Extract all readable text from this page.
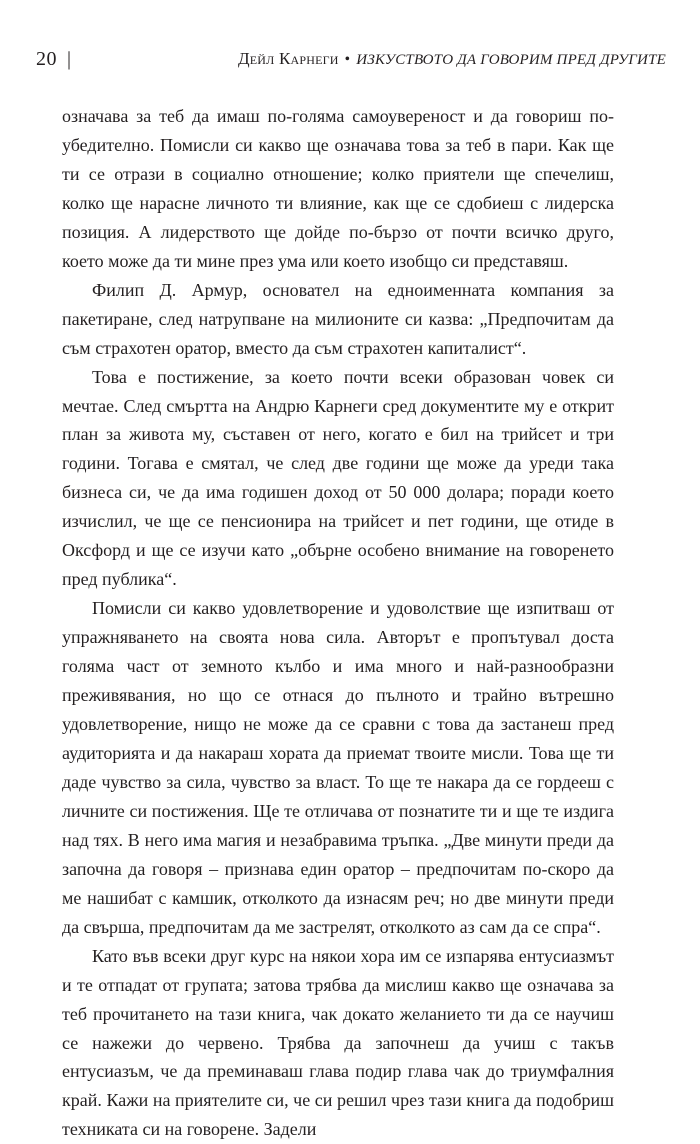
20 |	Дейл Карнеги • ИЗКУСТВОТО ДА ГОВОРИМ ПРЕД ДРУГИТЕ

означава за теб да имаш по-голяма самоувереност и да говориш по-убедително. Помисли си какво ще означава това за теб в пари. Как ще ти се отрази в социално отношение; колко приятели ще спечелиш, колко ще нарасне личното ти влияние, как ще се сдобиеш с лидерска позиция. А лидерството ще дойде по-бързо от почти всичко друго, което може да ти мине през ума или което изобщо си представяш.

Филип Д. Армур, основател на едноименната компания за пакетиране, след натрупване на милионите си казва: „Предпочитам да съм страхотен оратор, вместо да съм страхотен капиталист“.

Това е постижение, за което почти всеки образован човек си мечтае. След смъртта на Андрю Карнеги сред документите му е открит план за живота му, съставен от него, когато е бил на трийсет и три години. Тогава е смятал, че след две години ще може да уреди така бизнеса си, че да има годишен доход от 50 000 долара; поради което изчислил, че ще се пенсионира на трийсет и пет години, ще отиде в Оксфорд и ще се изучи като „обърне особено внимание на говоренето пред публика“.

Помисли си какво удовлетворение и удоволствие ще изпитваш от упражняването на своята нова сила. Авторът е пропътувал доста голяма част от земното кълбо и има много и най-разнообразни преживявания, но що се отнася до пълното и трайно вътрешно удовлетворение, нищо не може да се сравни с това да застанеш пред аудиторията и да накараш хората да приемат твоите мисли. Това ще ти даде чувство за сила, чувство за власт. То ще те накара да се гордееш с личните си постижения. Ще те отличава от познатите ти и ще те издига над тях. В него има магия и незабравима тръпка. „Две минути преди да започна да говоря – признава един оратор – предпочитам по-скоро да ме нашибат с камшик, отколкото да изнасям реч; но две минути преди да свърша, предпочитам да ме застрелят, отколкото аз сам да се спра“.

Като във всеки друг курс на някои хора им се изпарява ентусиазмът и те отпадат от групата; затова трябва да мислиш какво ще означава за теб прочитането на тази книга, чак докато желанието ти да се научиш се нажежи до червено. Трябва да започнеш да учиш с такъв ентусиазъм, че да преминаваш глава подир глава чак до триумфалния край. Кажи на приятелите си, че си решил чрез тази книга да подобриш техниката си на говорене. Задели
